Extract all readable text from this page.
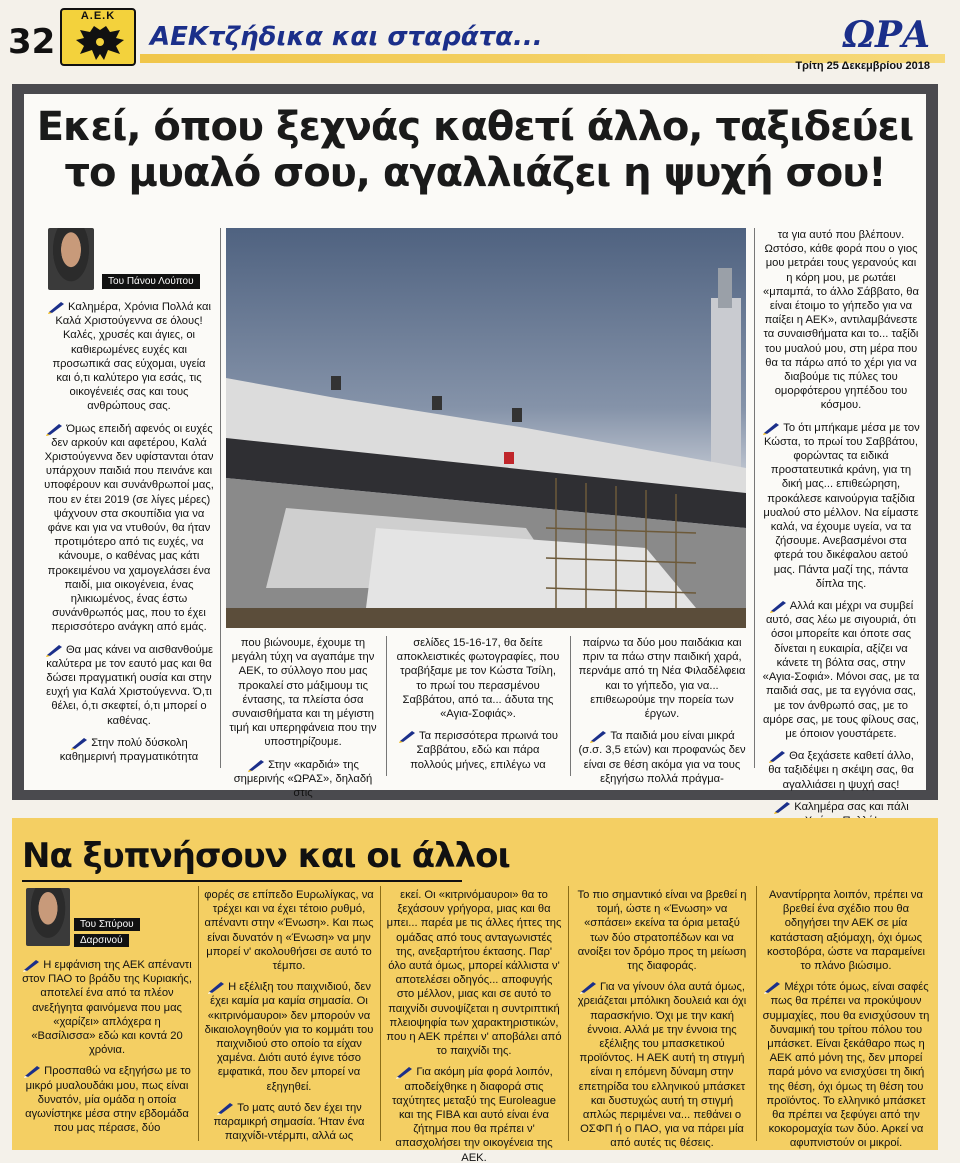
32
Α.Ε.Κ
ΑΕΚτζήδικα και σταράτα...	ΩΡΑ
Τρίτη 25 Δεκεμβρίου 2018
Εκεί, όπου ξεχνάς καθετί άλλο, ταξιδεύει
το μυαλό σου, αγαλλιάζει η ψυχή σου!
Του Πάνου Λούπου

Καλημέρα, Χρόνια Πολλά και Καλά Χριστούγεννα σε όλους! Καλές, χρυσές και άγιες, οι καθιερωμένες ευχές και προσωπικά σας εύχομαι, υγεία και ό,τι καλύτερο για εσάς, τις οικογένειές σας και τους ανθρώπους σας.

Όμως επειδή αφενός οι ευχές δεν αρκούν και αφετέρου, Καλά Χριστούγεννα δεν υφίστανται όταν υπάρχουν παιδιά που πεινάνε και υποφέρουν και συνάνθρωποί μας, που εν έτει 2019 (σε λίγες μέρες) ψάχνουν στα σκουπίδια για να φάνε και για να ντυθούν, θα ήταν προτιμότερο από τις ευχές, να κάνουμε, ο καθένας μας κάτι προκειμένου να χαμογελάσει ένα παιδί, μια οικογένεια, ένας ηλικιωμένος, ένας έστω συνάνθρωπός μας, που το έχει περισσότερο ανάγκη από εμάς.

Θα μας κάνει να αισθανθούμε καλύτερα με τον εαυτό μας και θα δώσει πραγματική ουσία και στην ευχή για Καλά Χριστούγεννα. Ό,τι θέλει, ό,τι σκεφτεί, ό,τι μπορεί ο καθένας.

Στην πολύ δύσκολη καθημερινή πραγματικότητα

που βιώνουμε, έχουμε τη μεγάλη τύχη να αγαπάμε την ΑΕΚ, το σύλλογο που μας προκαλεί στο μάξιμουμ τις έντασης, τα πλείστα όσα συναισθήματα και τη μέγιστη τιμή και υπερηφάνεια που την υποστηρίζουμε.

Στην «καρδιά» της σημερινής «ΩΡΑΣ», δηλαδή στις

σελίδες 15-16-17, θα δείτε αποκλειστικές φωτογραφίες, που τραβήξαμε με τον Κώστα Τσίλη, το πρωί του περασμένου Σαββάτου, από τα... άδυτα της «Αγια-Σοφιάς».

Τα περισσότερα πρωινά του Σαββάτου, εδώ και πάρα πολλούς μήνες, επιλέγω να

παίρνω τα δύο μου παιδάκια και πριν τα πάω στην παιδική χαρά, περνάμε από τη Νέα Φιλαδέλφεια και το γήπεδο, για να... επιθεωρούμε την πορεία των έργων.

Τα παιδιά μου είναι μικρά (σ.σ. 3,5 ετών) και προφανώς δεν είναι σε θέση ακόμα για να τους εξηγήσω πολλά πράγμα-

τα για αυτό που βλέπουν. Ωστόσο, κάθε φορά που ο γιος μου μετράει τους γερανούς και η κόρη μου, με ρωτάει «μπαμπά, το άλλο Σάββατο, θα είναι έτοιμο το γήπεδο για να παίξει η ΑΕΚ», αντιλαμβάνεστε τα συναισθήματα και το... ταξίδι του μυαλού μου, στη μέρα που θα τα πάρω από το χέρι για να διαβούμε τις πύλες του ομορφότερου γηπέδου του κόσμου.

Το ότι μπήκαμε μέσα με τον Κώστα, το πρωί του Σαββάτου, φορώντας τα ειδικά προστατευτικά κράνη, για τη δική μας... επιθεώρηση, προκάλεσε καινούργια ταξίδια μυαλού στο μέλλον. Να είμαστε καλά, να έχουμε υγεία, να τα ζήσουμε. Ανεβασμένοι στα φτερά του δικέφαλου αετού μας. Πάντα μαζί της, πάντα δίπλα της.

Αλλά και μέχρι να συμβεί αυτό, σας λέω με σιγουριά, ότι όσοι μπορείτε και όποτε σας δίνεται η ευκαιρία, αξίζει να κάνετε τη βόλτα σας, στην «Αγια-Σοφιά». Μόνοι σας, με τα παιδιά σας, με τα εγγόνια σας, με τον άνθρωπό σας, με το αμόρε σας, με τους φίλους σας, με όποιον γουστάρετε.

Θα ξεχάσετε καθετί άλλο, θα ταξιδέψει η σκέψη σας, θα αγαλλιάσει η ψυχή σας!

Καλημέρα σας και πάλι

Να ξυπνήσουν και οι άλλοι
Του Σπύρου
Δαρσινού

Η εμφάνιση της ΑΕΚ απέναντι στον ΠΑΟ το βράδυ της Κυριακής, αποτελεί ένα από τα πλέον ανεξήγητα φαινόμενα που μας «χαρίζει» απλόχερα η «Βασίλισσα» εδώ και κοντά 20 χρόνια.

Προσπαθώ να εξηγήσω με το μικρό μυαλουδάκι μου, πως είναι δυνατόν, μία ομάδα η οποία αγωνίστηκε μέσα στην εβδομάδα που μας πέρασε, δύο

φορές σε επίπεδο Ευρωλίγκας, να τρέχει και να έχει τέτοιο ρυθμό, απέναντι στην «Ένωση». Και πως είναι δυνατόν η «Ένωση» να μην μπορεί ν' ακολουθήσει σε αυτό το τέμπο.

Η εξέλιξη του παιχνιδιού, δεν έχει καμία μα καμία σημασία. Οι «κιτρινόμαυροι» δεν μπορούν να δικαιολογηθούν για το κομμάτι του παιχνιδιού στο οποίο τα είχαν χαμένα. Διότι αυτό έγινε τόσο εμφατικά, που δεν μπορεί να εξηγηθεί.

Το ματς αυτό δεν έχει την παραμικρή σημασία. Ήταν ένα παιχνίδι-ντέρμπι, αλλά ως

εκεί. Οι «κιτρινόμαυροι» θα το ξεχάσουν γρήγορα, μιας και θα μπει... παρέα με τις άλλες ήττες της ομάδας από τους ανταγωνιστές της, ανεξαρτήτου έκτασης. Παρ' όλο αυτά όμως, μπορεί κάλλιστα ν' αποτελέσει οδηγός... αποφυγής στο μέλλον, μιας και σε αυτό το παιχνίδι συνοψίζεται η συντριπτική πλειοψηφία των χαρακτηριστικών, που η ΑΕΚ πρέπει ν' αποβάλει από το παιχνίδι της.

Για ακόμη μία φορά λοιπόν, αποδείχθηκε η διαφορά στις ταχύτητες μεταξύ της Euroleague και της FIBA και αυτό είναι ένα ζήτημα που θα πρέπει ν' απασχολήσει την οικογένεια της ΑΕΚ.

Το πιο σημαντικό είναι να βρεθεί η τομή, ώστε η «Ένωση» να «σπάσει» εκείνα τα όρια μεταξύ των δύο στρατοπέδων και να ανοίξει τον δρόμο προς τη μείωση της διαφοράς.

Για να γίνουν όλα αυτά όμως, χρειάζεται μπόλικη δουλειά και όχι παρασκήνιο. Όχι με την κακή έννοια. Αλλά με την έννοια της εξέλιξης του μπασκετικού προϊόντος. Η ΑΕΚ αυτή τη στιγμή είναι η επόμενη δύναμη στην επετηρίδα του ελληνικού μπάσκετ και δυστυχώς αυτή τη στιγμή απλώς περιμένει να... πεθάνει ο ΟΣΦΠ ή ο ΠΑΟ, για να πάρει μία από αυτές τις θέσεις.

Αναντίρρητα λοιπόν, πρέπει να βρεθεί ένα σχέδιο που θα οδηγήσει την ΑΕΚ σε μία κατάσταση αξιόμαχη, όχι όμως κοστοβόρα, ώστε να παραμείνει το πλάνο βιώσιμο.

Μέχρι τότε όμως, είναι σαφές πως θα πρέπει να προκύψουν συμμαχίες, που θα ενισχύσουν τη δυναμική του τρίτου πόλου του μπάσκετ. Είναι ξεκάθαρο πως η ΑΕΚ από μόνη της, δεν μπορεί παρά μόνο να ενισχύσει τη δική της θέση, όχι όμως τη θέση του προϊόντος. Το ελληνικό μπάσκετ θα πρέπει να ξεφύγει από την κοκορομαχία των δύο. Αρκεί να αφυπνιστούν οι μικροί.
